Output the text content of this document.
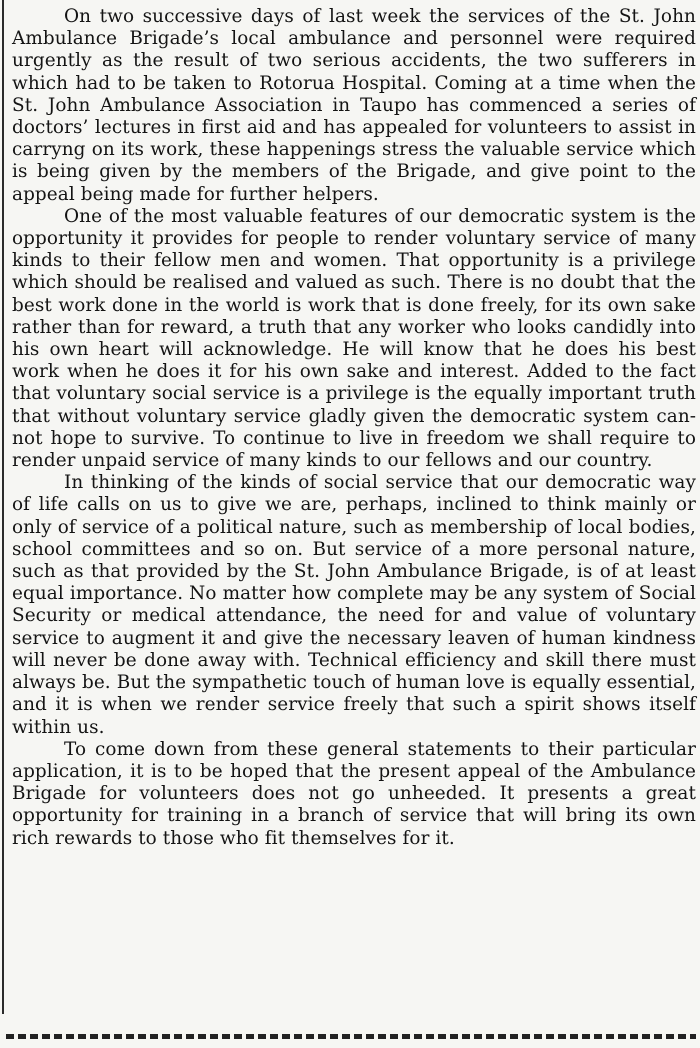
On two successive days of last week the services of the St. John Ambulance Brigade’s local ambulance and personnel were required urgently as the result of two serious accidents, the two sufferers in which had to be taken to Rotorua Hospital. Coming at a time when the St. John Ambulance Association in Taupo has commenced a series of doctors’ lectures in first aid and has appealed for volunteers to assist in carryng on its work, these happenings stress the valuable service which is being given by the members of the Brigade, and give point to the appeal being made for further helpers.

One of the most valuable features of our democratic system is the opportunity it provides for people to render voluntary service of many kinds to their fellow men and women. That opportunity is a privilege which should be realised and valued as such. There is no doubt that the best work done in the world is work that is done freely, for its own sake rather than for reward, a truth that any worker who looks candidly into his own heart will acknowledge. He will know that he does his best work when he does it for his own sake and interest. Added to the fact that voluntary social service is a privilege is the equally important truth that without voluntary service gladly given the democratic system cannot hope to survive. To continue to live in freedom we shall require to render unpaid service of many kinds to our fellows and our country.

In thinking of the kinds of social service that our democratic way of life calls on us to give we are, perhaps, inclined to think mainly or only of service of a political nature, such as membership of local bodies, school committees and so on. But service of a more personal nature, such as that provided by the St. John Ambulance Brigade, is of at least equal importance. No matter how complete may be any system of Social Security or medical attendance, the need for and value of voluntary service to augment it and give the necessary leaven of human kindness will never be done away with. Technical efficiency and skill there must always be. But the sympathetic touch of human love is equally essential, and it is when we render service freely that such a spirit shows itself within us.

To come down from these general statements to their particular application, it is to be hoped that the present appeal of the Ambulance Brigade for volunteers does not go unheeded. It presents a great opportunity for training in a branch of service that will bring its own rich rewards to those who fit themselves for it.
